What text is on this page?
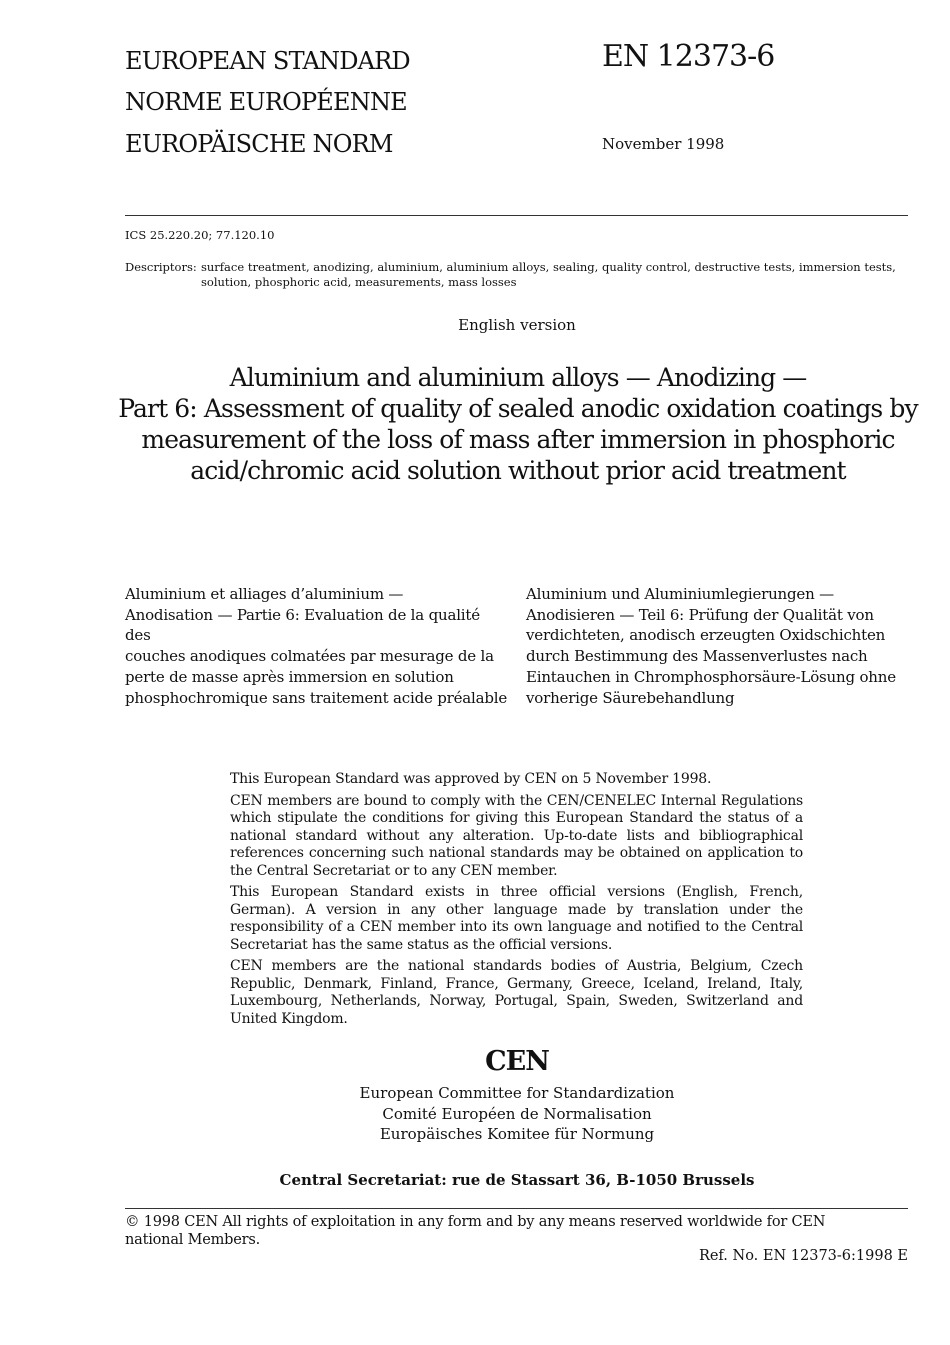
EUROPEAN STANDARD
NORME EUROPÉENNE
EUROPÄISCHE NORM
EN 12373-6
November 1998
ICS 25.220.20; 77.120.10
Descriptors: surface treatment, anodizing, aluminium, aluminium alloys, sealing, quality control, destructive tests, immersion tests,
solution, phosphoric acid, measurements, mass losses
English version
Aluminium and aluminium alloys — Anodizing —
Part 6: Assessment of quality of sealed anodic oxidation coatings by
measurement of the loss of mass after immersion in phosphoric
acid/chromic acid solution without prior acid treatment
Aluminium et alliages d’aluminium —
Anodisation — Partie 6: Evaluation de la qualité des
couches anodiques colmatées par mesurage de la
perte de masse après immersion en solution
phosphochromique sans traitement acide préalable
Aluminium und Aluminiumlegierungen —
Anodisieren — Teil 6: Prüfung der Qualität von
verdichteten, anodisch erzeugten Oxidschichten
durch Bestimmung des Massenverlustes nach
Eintauchen in Chromphosphorsäure-Lösung ohne
vorherige Säurebehandlung

This European Standard was approved by CEN on 5 November 1998.

CEN members are bound to comply with the CEN/CENELEC Internal Regulations which stipulate the conditions for giving this European Standard the status of a national standard without any alteration. Up-to-date lists and bibliographical references concerning such national standards may be obtained on application to the Central Secretariat or to any CEN member.

This European Standard exists in three official versions (English, French, German). A version in any other language made by translation under the responsibility of a CEN member into its own language and notified to the Central Secretariat has the same status as the official versions.

CEN members are the national standards bodies of Austria, Belgium, Czech Republic, Denmark, Finland, France, Germany, Greece, Iceland, Ireland, Italy, Luxembourg, Netherlands, Norway, Portugal, Spain, Sweden, Switzerland and United Kingdom.

CEN
European Committee for Standardization
Comité Européen de Normalisation
Europäisches Komitee für Normung
Central Secretariat: rue de Stassart 36, B-1050 Brussels
© 1998 CEN All rights of exploitation in any form and by any means reserved worldwide for CEN national Members.
Ref. No. EN 12373-6:1998 E
